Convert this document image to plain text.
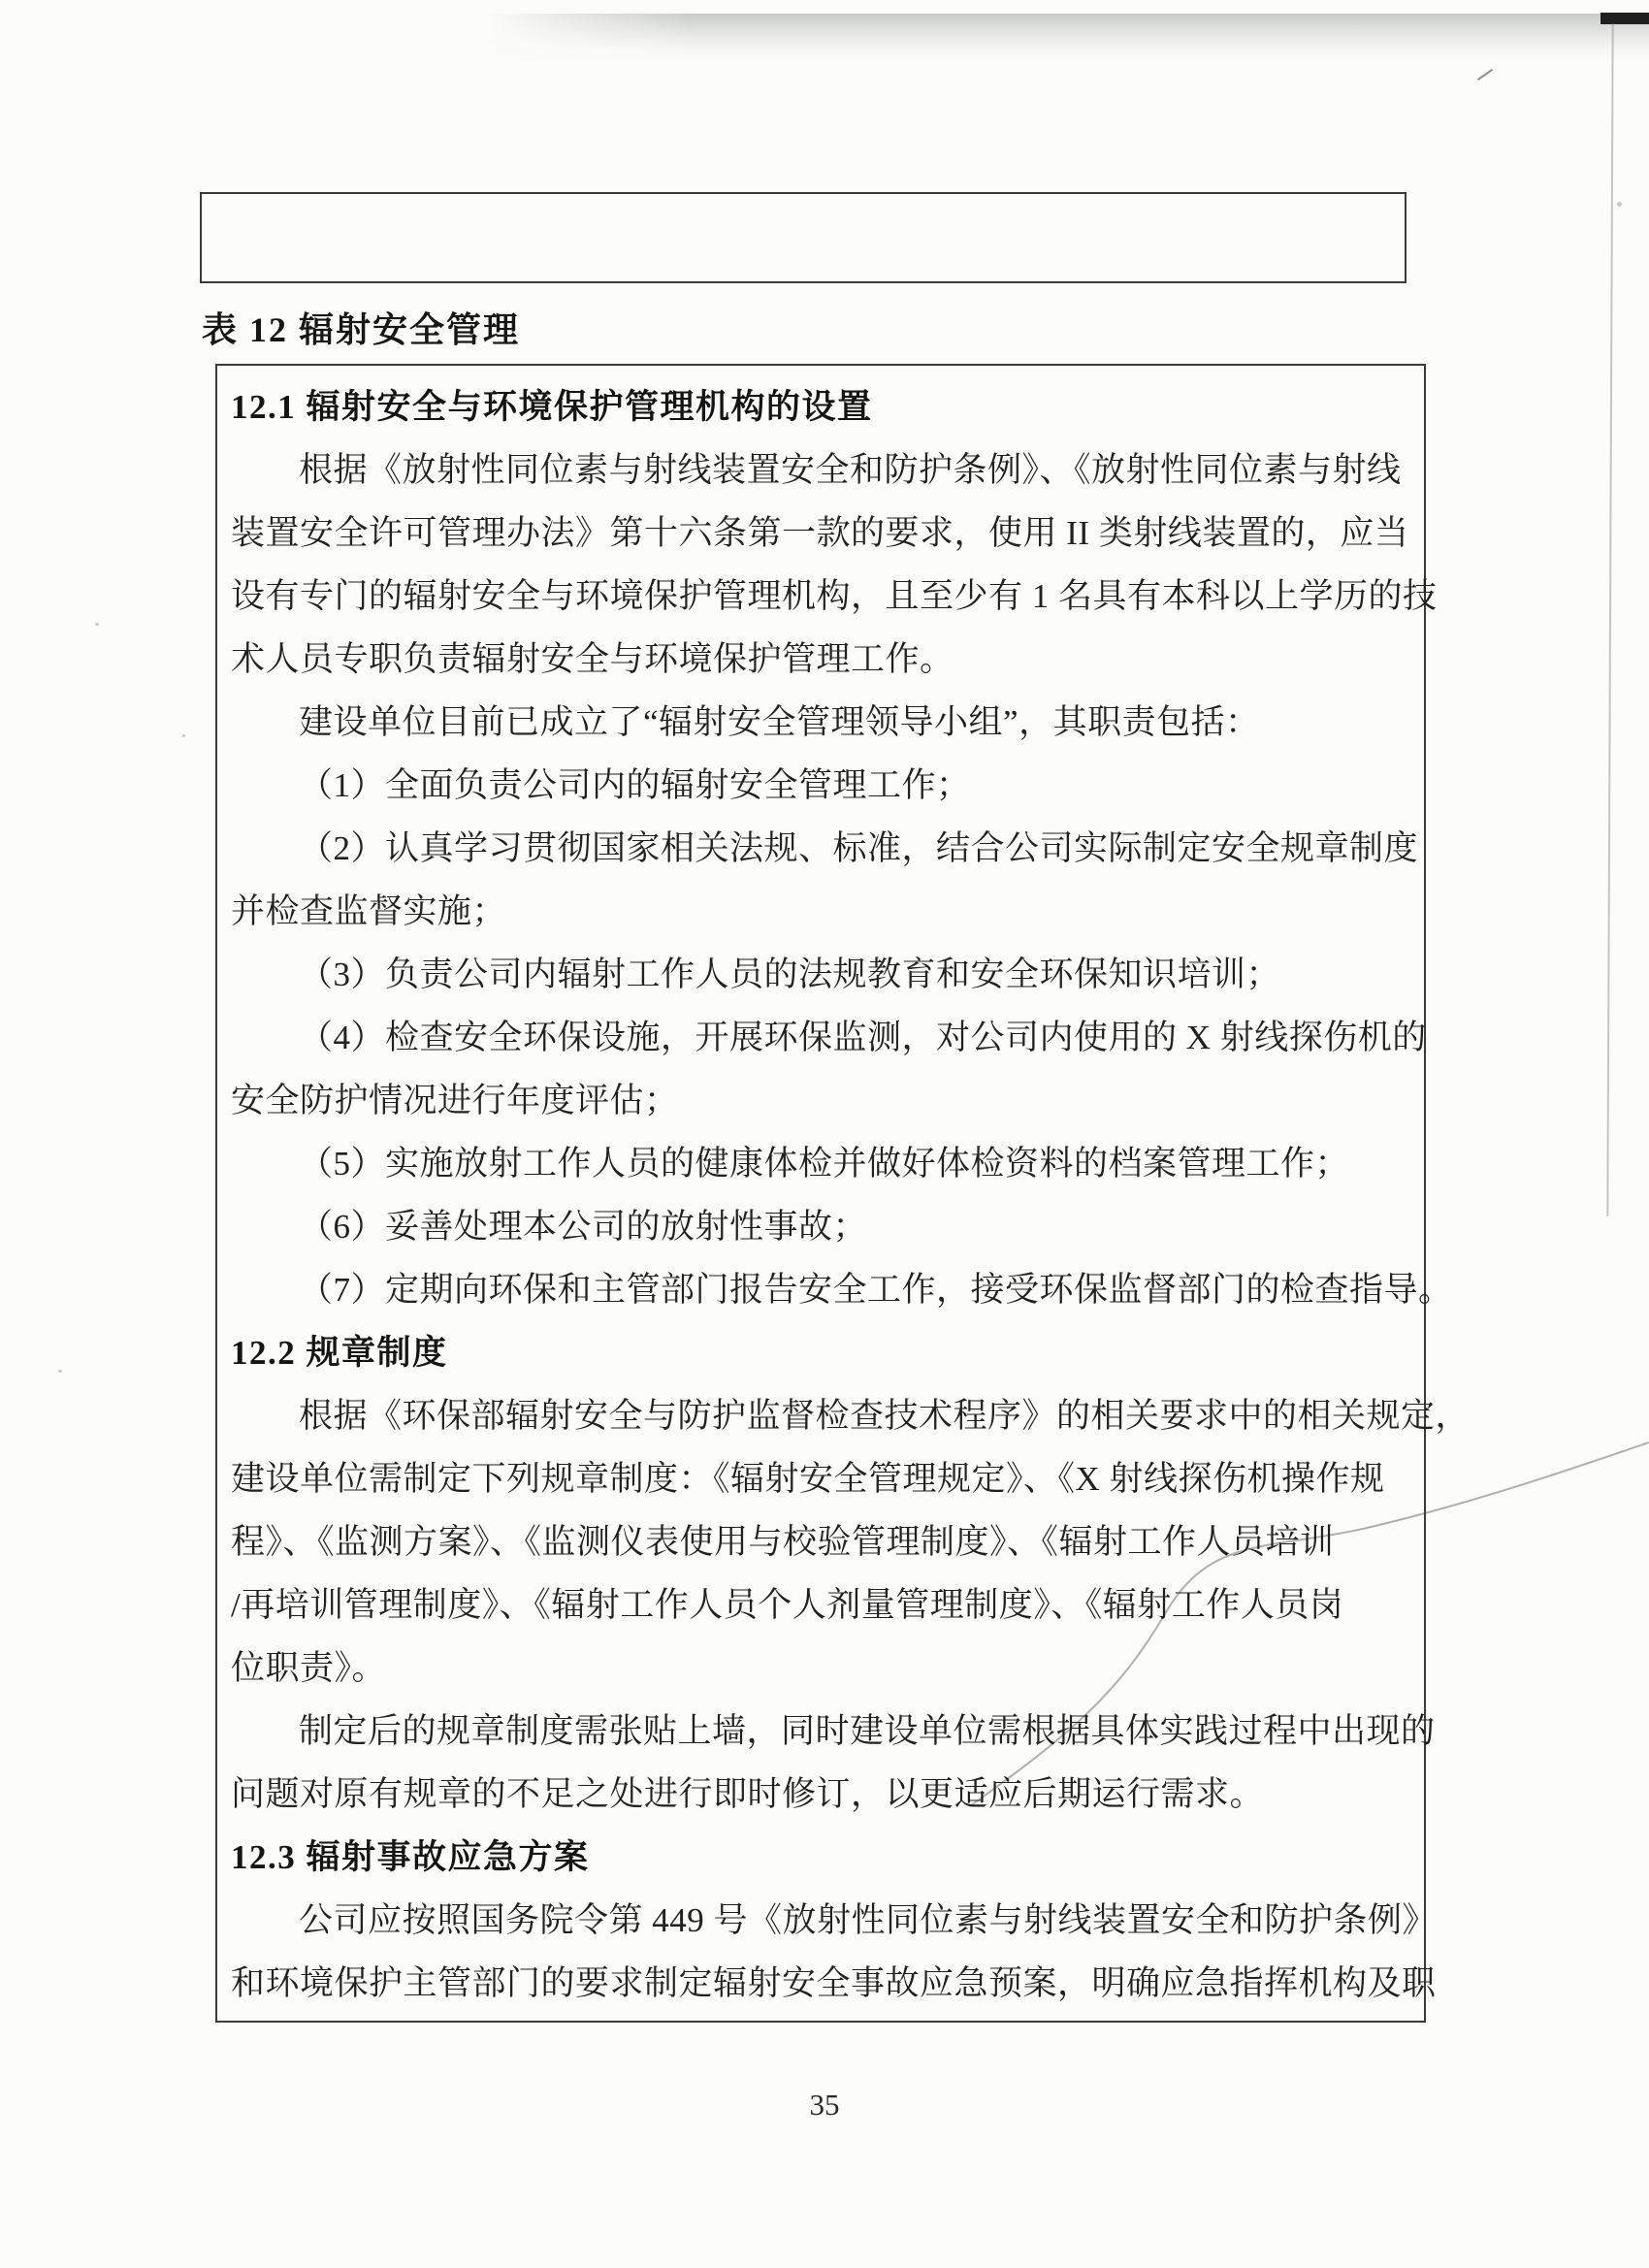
表 12 辐射安全管理
12.1 辐射安全与环境保护管理机构的设置
根据《放射性同位素与射线装置安全和防护条例》、《放射性同位素与射线
装置安全许可管理办法》第十六条第一款的要求，使用 II 类射线装置的，应当
设有专门的辐射安全与环境保护管理机构，且至少有 1 名具有本科以上学历的技
术人员专职负责辐射安全与环境保护管理工作。
建设单位目前已成立了“辐射安全管理领导小组”，其职责包括：
（1）全面负责公司内的辐射安全管理工作；
（2）认真学习贯彻国家相关法规、标准，结合公司实际制定安全规章制度
并检查监督实施；
（3）负责公司内辐射工作人员的法规教育和安全环保知识培训；
（4）检查安全环保设施，开展环保监测，对公司内使用的 X 射线探伤机的
安全防护情况进行年度评估；
（5）实施放射工作人员的健康体检并做好体检资料的档案管理工作；
（6）妥善处理本公司的放射性事故；
（7）定期向环保和主管部门报告安全工作，接受环保监督部门的检查指导。
12.2 规章制度
根据《环保部辐射安全与防护监督检查技术程序》的相关要求中的相关规定，
建设单位需制定下列规章制度：《辐射安全管理规定》、《X 射线探伤机操作规
程》、《监测方案》、《监测仪表使用与校验管理制度》、《辐射工作人员培训
/再培训管理制度》、《辐射工作人员个人剂量管理制度》、《辐射工作人员岗
位职责》。
制定后的规章制度需张贴上墙，同时建设单位需根据具体实践过程中出现的
问题对原有规章的不足之处进行即时修订，以更适应后期运行需求。
12.3 辐射事故应急方案
公司应按照国务院令第 449 号《放射性同位素与射线装置安全和防护条例》
和环境保护主管部门的要求制定辐射安全事故应急预案，明确应急指挥机构及职
35
